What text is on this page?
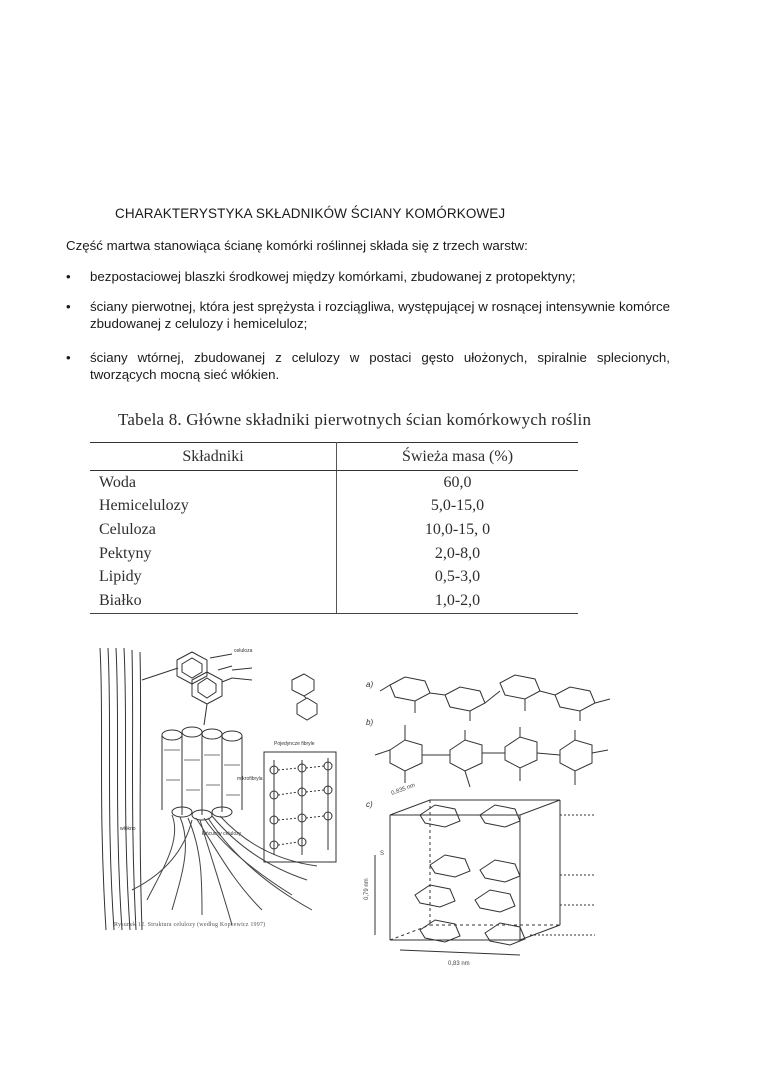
CHARAKTERYSTYKA SKŁADNIKÓW ŚCIANY KOMÓRKOWEJ
Część martwa stanowiąca ścianę komórki roślinnej składa się z trzech warstw:
• bezpostaciowej blaszki środkowej między komórkami, zbudowanej z protopektyny;
• ściany pierwotnej, która jest sprężysta i rozciągliwa, występującej w rosnącej intensywnie komórce zbudowanej z celulozy i hemiceluloz;
• ściany wtórnej, zbudowanej z celulozy w postaci gęsto ułożonych, spiralnie splecionych, tworzących mocną sieć włókien.
Tabela 8. Główne składniki pierwotnych ścian komórkowych roślin
Składniki	Świeża masa (%)
Woda	60,0
Hemicelulozy	5,0-15,0
Celuloza	10,0-15, 0
Pektyny	2,0-8,0
Lipidy	0,5-3,0
Białko	1,0-2,0
celuloza
Pojedyncze fibryle
mikrofibryla
łańcuchy celulozy
włókno
Rysunek 12. Struktura celulozy (według Kopcewicz 1997)
a)
b)
c)
S
0,835 nm
0,79 nm
0,83 nm
